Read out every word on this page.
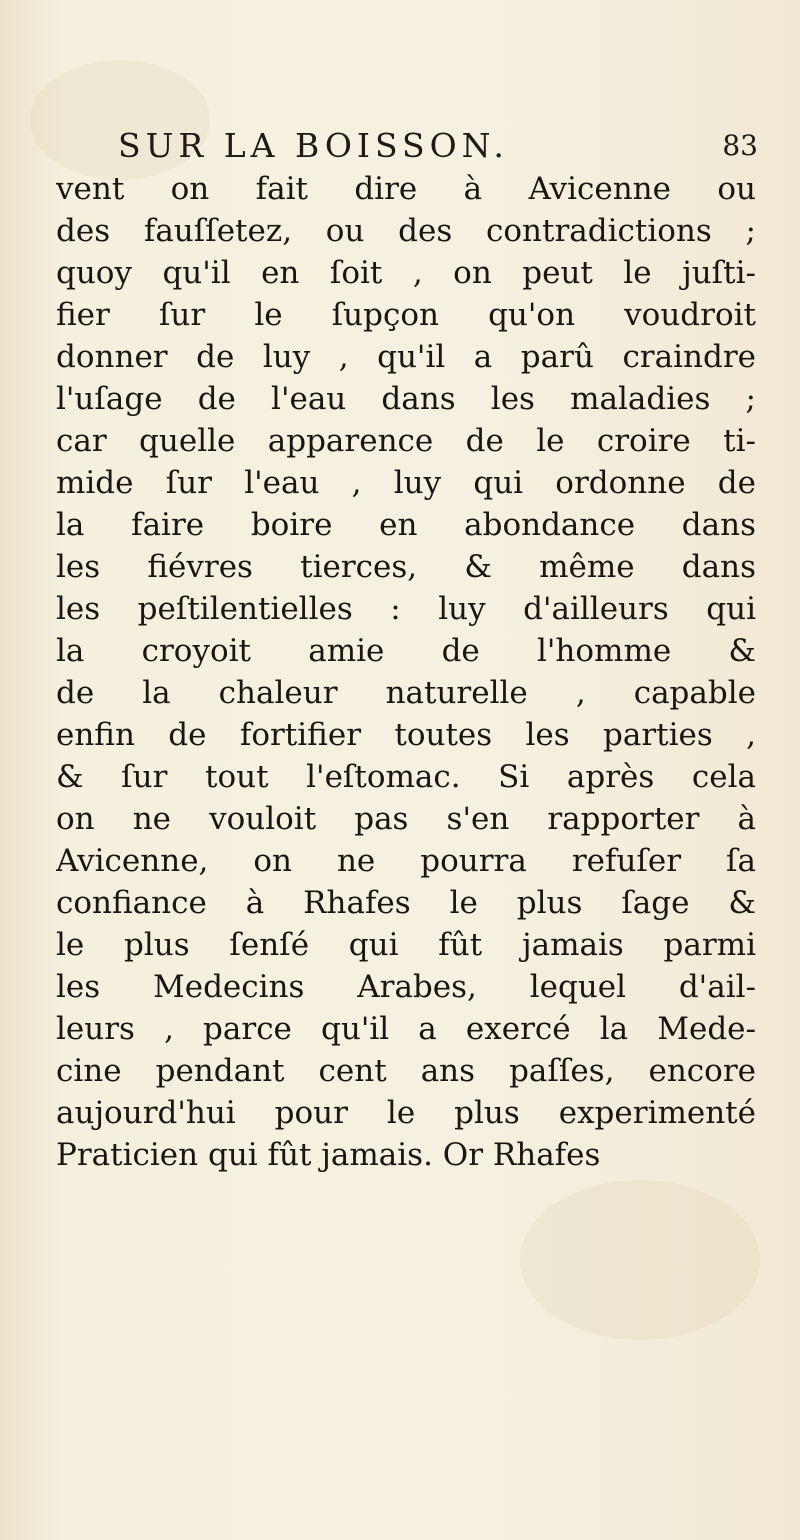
SUR LA BOISSON.	83
vent on fait dire à Avicenne ou
des fauſſetez, ou des contradictions ;
quoy qu'il en ſoit , on peut le juſti-
fier ſur le ſupçon qu'on voudroit
donner de luy , qu'il a parû craindre
l'uſage de l'eau dans les maladies ;
car quelle apparence de le croire ti-
mide ſur l'eau , luy qui ordonne de
la faire boire en abondance dans
les fiévres tierces, & même dans
les peſtilentielles : luy d'ailleurs qui
la croyoit amie de l'homme &
de la chaleur naturelle , capable
enfin de fortifier toutes les parties ,
& ſur tout l'eſtomac. Si après cela
on ne vouloit pas s'en rapporter à
Avicenne, on ne pourra refuſer ſa
confiance à Rhafes le plus ſage &
le plus ſenſé qui fût jamais parmi
les Medecins Arabes, lequel d'ail-
leurs , parce qu'il a exercé la Mede-
cine pendant cent ans paſſes, encore
aujourd'hui pour le plus experimenté
Praticien qui fût jamais. Or Rhafes
